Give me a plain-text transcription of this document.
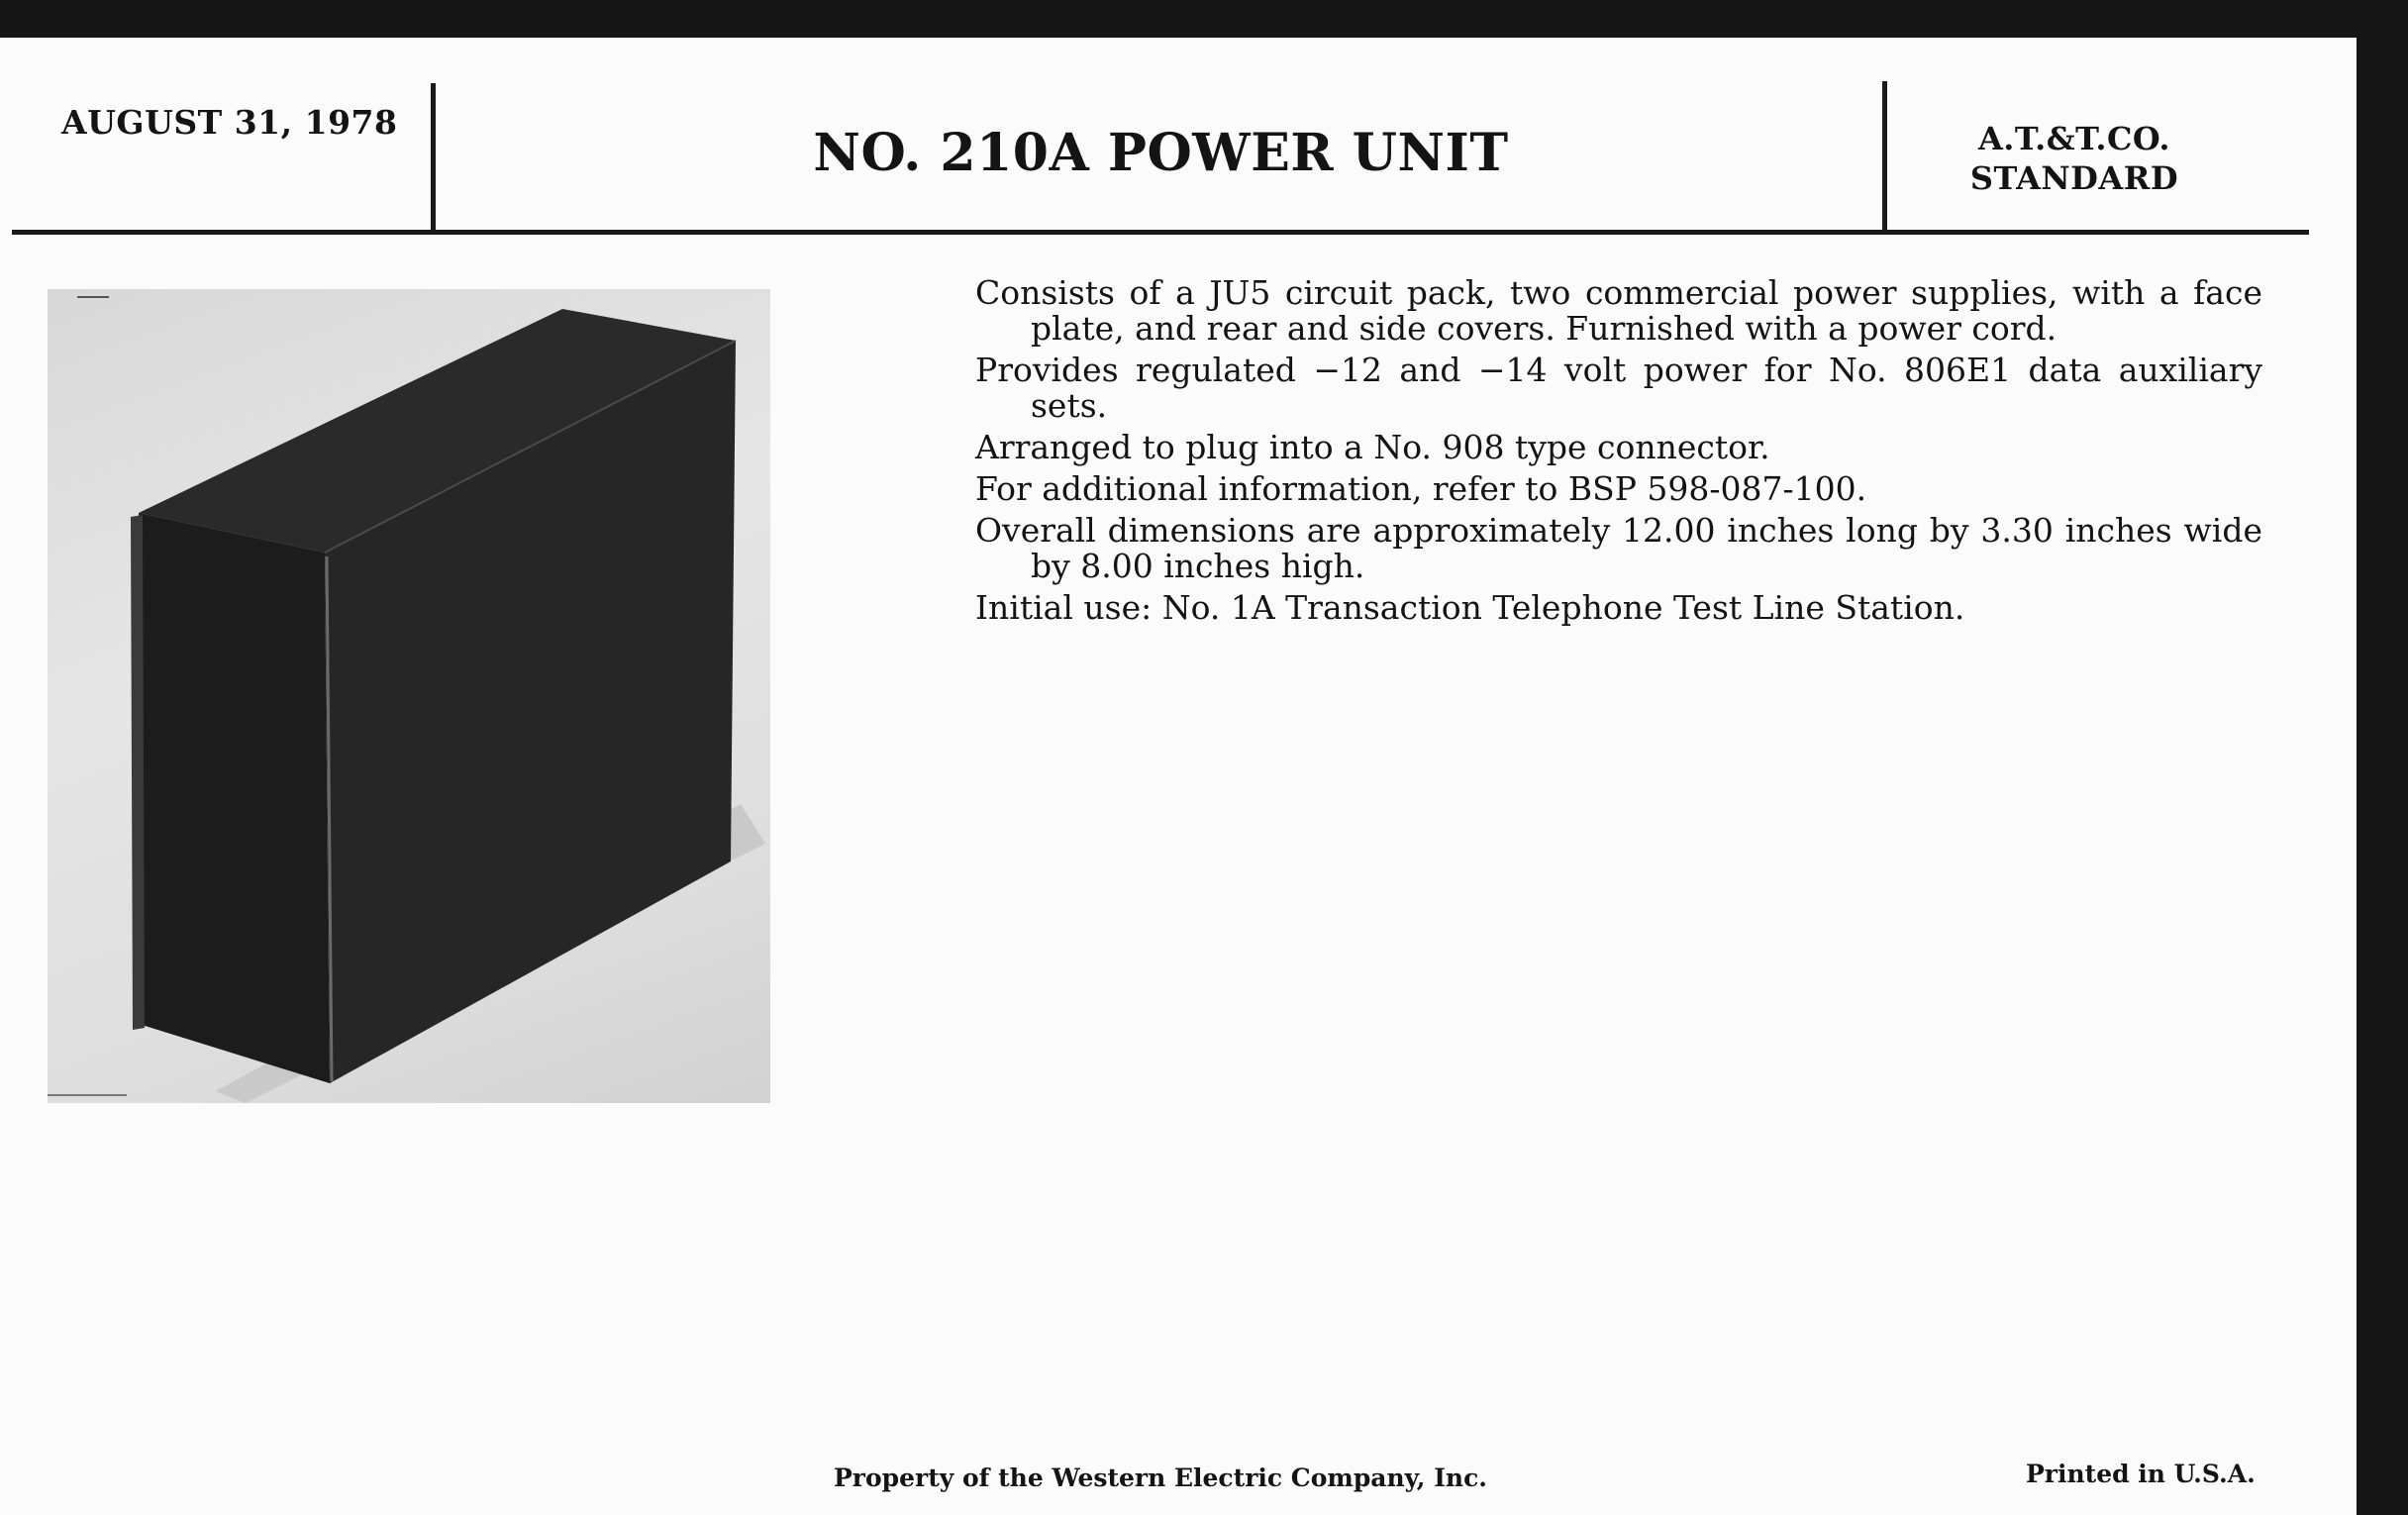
AUGUST 31, 1978
NO. 210A POWER UNIT	A.T.&T.CO.
STANDARD

Consists of a JU5 circuit pack, two commercial power supplies, with a face plate, and rear and side covers. Furnished with a power cord.

Provides regulated −12 and −14 volt power for No. 806E1 data auxiliary sets.

Arranged to plug into a No. 908 type connector.

For additional information, refer to BSP 598-087-100.

Overall dimensions are approximately 12.00 inches long by 3.30 inches wide by 8.00 inches high.

Initial use: No. 1A Transaction Telephone Test Line Station.

Property of the Western Electric Company, Inc.	Printed in U.S.A.
